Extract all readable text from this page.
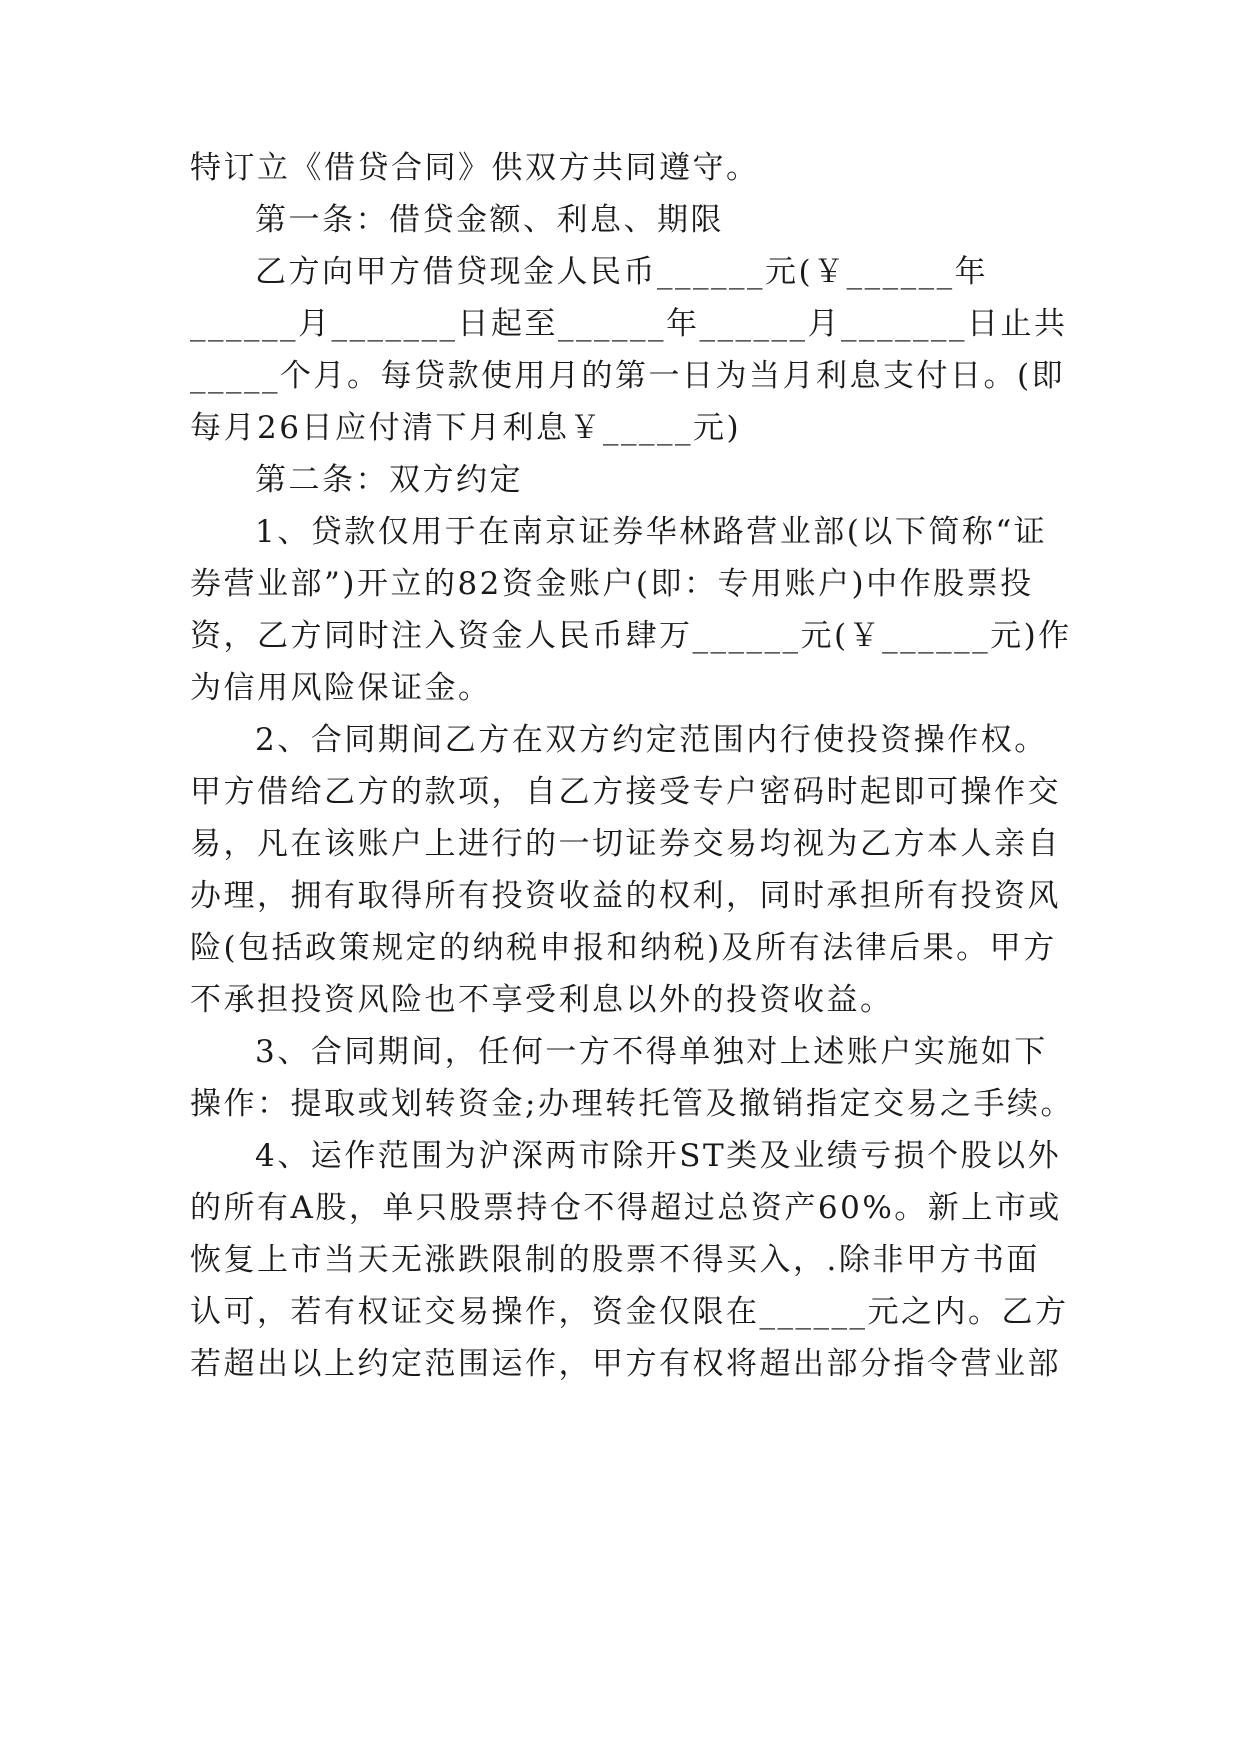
特订立《借贷合同》供双方共同遵守。
第一条：借贷金额、利息、期限
乙方向甲方借贷现金人民币______元(￥______年
______月_______日起至______年______月_______日止共
_____个月。每贷款使用月的第一日为当月利息支付日。(即
每月26日应付清下月利息￥_____元)
第二条：双方约定
1、贷款仅用于在南京证券华林路营业部(以下简称“证
券营业部”)开立的82资金账户(即：专用账户)中作股票投
资，乙方同时注入资金人民币肆万______元(￥______元)作
为信用风险保证金。
2、合同期间乙方在双方约定范围内行使投资操作权。
甲方借给乙方的款项，自乙方接受专户密码时起即可操作交
易，凡在该账户上进行的一切证券交易均视为乙方本人亲自
办理，拥有取得所有投资收益的权利，同时承担所有投资风
险(包括政策规定的纳税申报和纳税)及所有法律后果。甲方
不承担投资风险也不享受利息以外的投资收益。
3、合同期间，任何一方不得单独对上述账户实施如下
操作：提取或划转资金;办理转托管及撤销指定交易之手续。
4、运作范围为沪深两市除开ST类及业绩亏损个股以外
的所有A股，单只股票持仓不得超过总资产60%。新上市或
恢复上市当天无涨跌限制的股票不得买入，.除非甲方书面
认可，若有权证交易操作，资金仅限在______元之内。乙方
若超出以上约定范围运作，甲方有权将超出部分指令营业部
